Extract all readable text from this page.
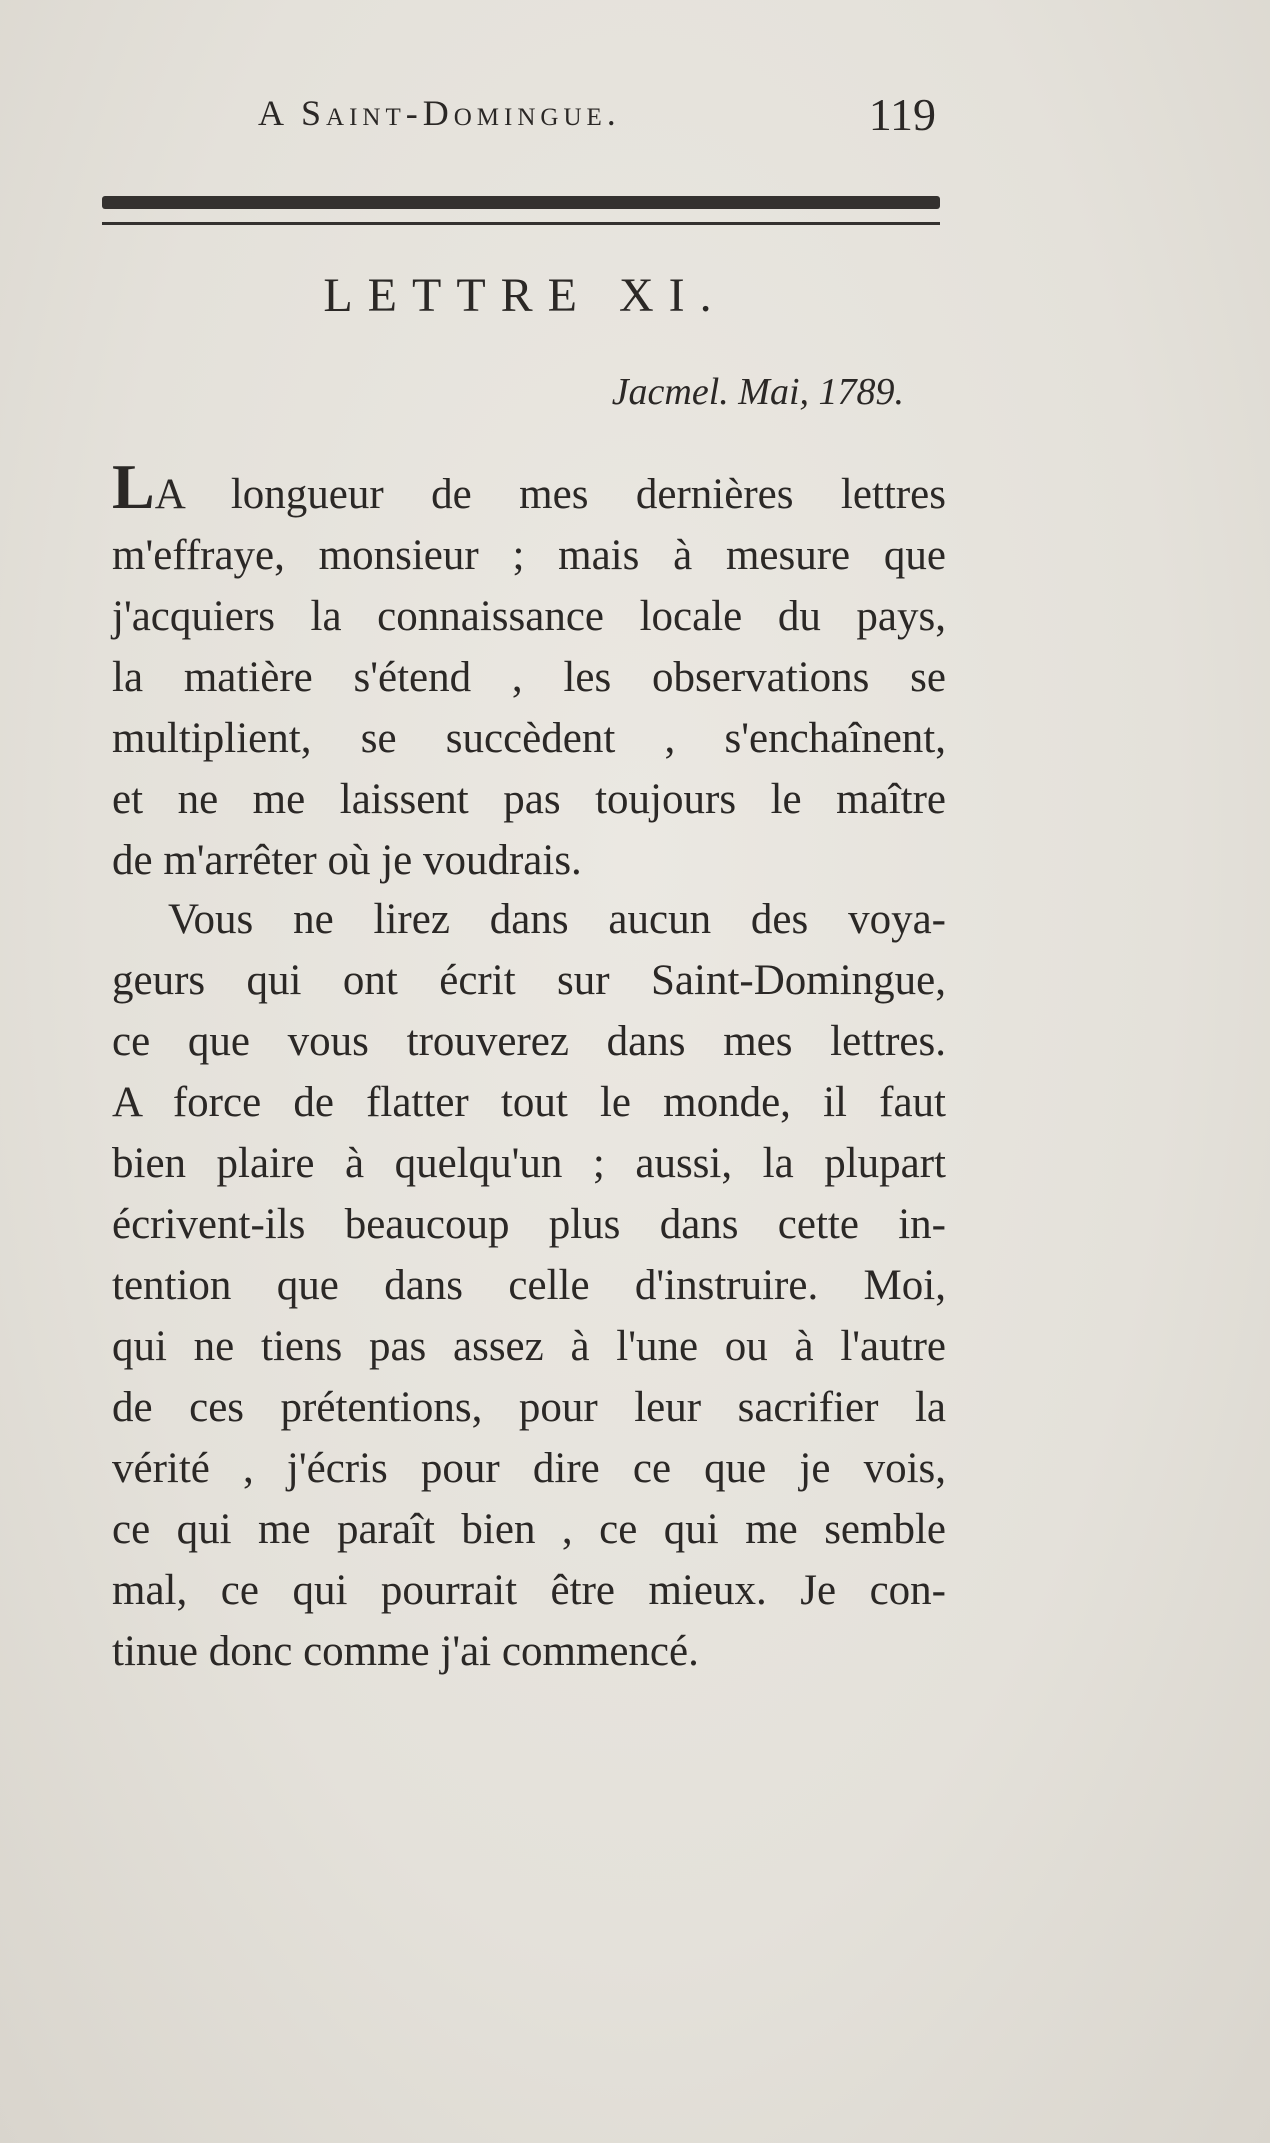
A Saint-Domingue.	119
LETTRE XI.
Jacmel. Mai, 1789.
LA longueur de mes dernières lettres
m'effraye, monsieur ; mais à mesure que
j'acquiers la connaissance locale du pays,
la matière s'étend , les observations se
multiplient, se succèdent , s'enchaînent,
et ne me laissent pas toujours le maître
de m'arrêter où je voudrais.
Vous ne lirez dans aucun des voya-
geurs qui ont écrit sur Saint-Domingue,
ce que vous trouverez dans mes lettres.
A force de flatter tout le monde, il faut
bien plaire à quelqu'un ; aussi, la plupart
écrivent-ils beaucoup plus dans cette in-
tention que dans celle d'instruire. Moi,
qui ne tiens pas assez à l'une ou à l'autre
de ces prétentions, pour leur sacrifier la
vérité , j'écris pour dire ce que je vois,
ce qui me paraît bien , ce qui me semble
mal, ce qui pourrait être mieux. Je con-
tinue donc comme j'ai commencé.
